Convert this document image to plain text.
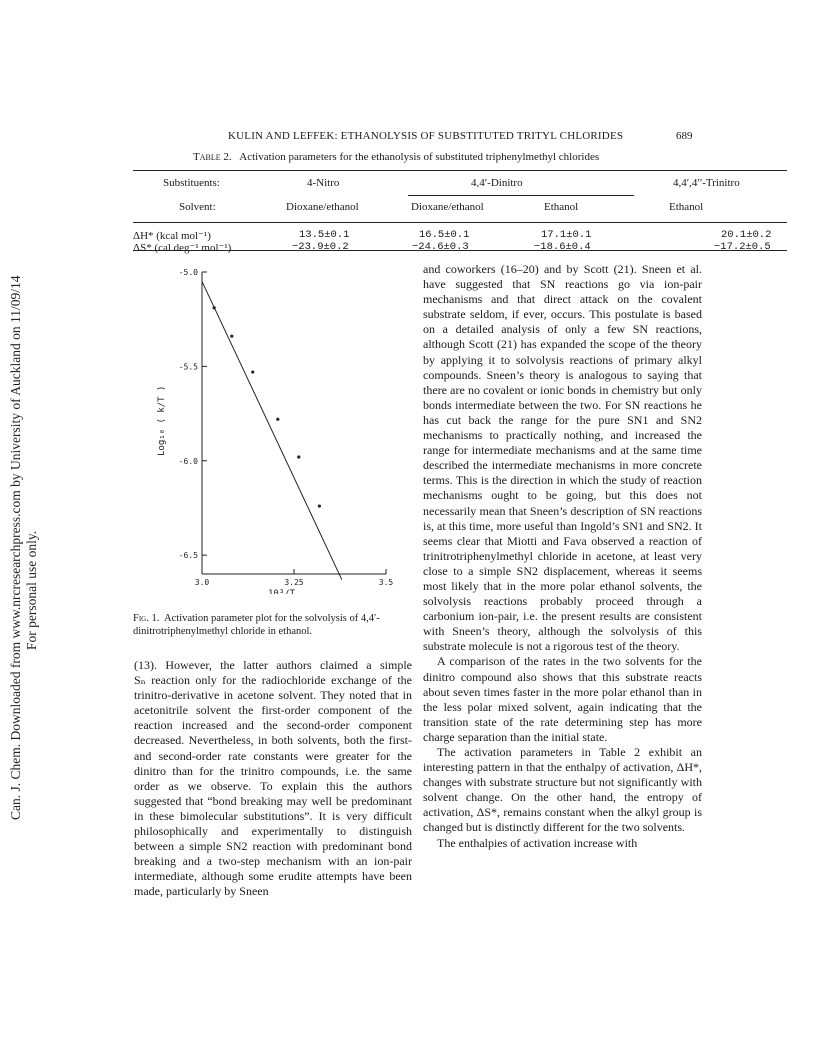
Can. J. Chem. Downloaded from www.nrcresearchpress.com by University of Auckland on 11/09/14 For personal use only.
KULIN AND LEFFEK: ETHANOLYSIS OF SUBSTITUTED TRITYL CHLORIDES	689
Table 2. Activation parameters for the ethanolysis of substituted triphenylmethyl chlorides
Substituents:	4-Nitro	4,4′-Dinitro	4,4′,4′′-Trinitro
Solvent:	Dioxane/ethanol	Dioxane/ethanol	Ethanol	Ethanol
ΔH* (kcal mol⁻¹)	13.5±0.1	16.5±0.1	17.1±0.1	20.1±0.2
ΔS* (cal deg⁻¹ mol⁻¹)	−23.9±0.2	−24.6±0.3	−18.6±0.4	−17.2±0.5
-5.0
-5.5
-6.0
-6.5
3.0	3.25	3.5
Log₁₀ ( k/T )
10³/T
Fig. 1. Activation parameter plot for the solvolysis of 4,4′-dinitrotriphenylmethyl chloride in ethanol.

(13). However, the latter authors claimed a simple Sₙ reaction only for the radiochloride exchange of the trinitro-derivative in acetone solvent. They noted that in acetonitrile solvent the first-order component of the reaction increased and the second-order component decreased. Nevertheless, in both solvents, both the first- and second-order rate constants were greater for the dinitro than for the trinitro compounds, i.e. the same order as we observe. To explain this the authors suggested that “bond breaking may well be predominant in these bimolecular substitutions”. It is very difficult philosophically and experimentally to distinguish between a simple SN2 reaction with predominant bond breaking and a two-step mechanism with an ion-pair intermediate, although some erudite attempts have been made, particularly by Sneen

and coworkers (16–20) and by Scott (21). Sneen et al. have suggested that SN reactions go via ion-pair mechanisms and that direct attack on the covalent substrate seldom, if ever, occurs. This postulate is based on a detailed analysis of only a few SN reactions, although Scott (21) has expanded the scope of the theory by applying it to solvolysis reactions of primary alkyl compounds. Sneen’s theory is analogous to saying that there are no covalent or ionic bonds in chemistry but only bonds intermediate between the two. For SN reactions he has cut back the range for the pure SN1 and SN2 mechanisms to practically nothing, and increased the range for intermediate mechanisms and at the same time described the intermediate mechanisms in more concrete terms. This is the direction in which the study of reaction mechanisms ought to be going, but this does not necessarily mean that Sneen’s description of SN reactions is, at this time, more useful than Ingold’s SN1 and SN2. It seems clear that Miotti and Fava observed a reaction of trinitrotriphenylmethyl chloride in acetone, at least very close to a simple SN2 displacement, whereas it seems most likely that in the more polar ethanol solvents, the solvolysis reactions probably proceed through a carbonium ion-pair, i.e. the present results are consistent with Sneen’s theory, although the solvolysis of this substrate molecule is not a rigorous test of the theory.

A comparison of the rates in the two solvents for the dinitro compound also shows that this substrate reacts about seven times faster in the more polar ethanol than in the less polar mixed solvent, again indicating that the transition state of the rate determining step has more charge separation than the initial state.

The activation parameters in Table 2 exhibit an interesting pattern in that the enthalpy of activation, ΔH*, changes with substrate structure but not significantly with solvent change. On the other hand, the entropy of activation, ΔS*, remains constant when the alkyl group is changed but is distinctly different for the two solvents.

The enthalpies of activation increase with
